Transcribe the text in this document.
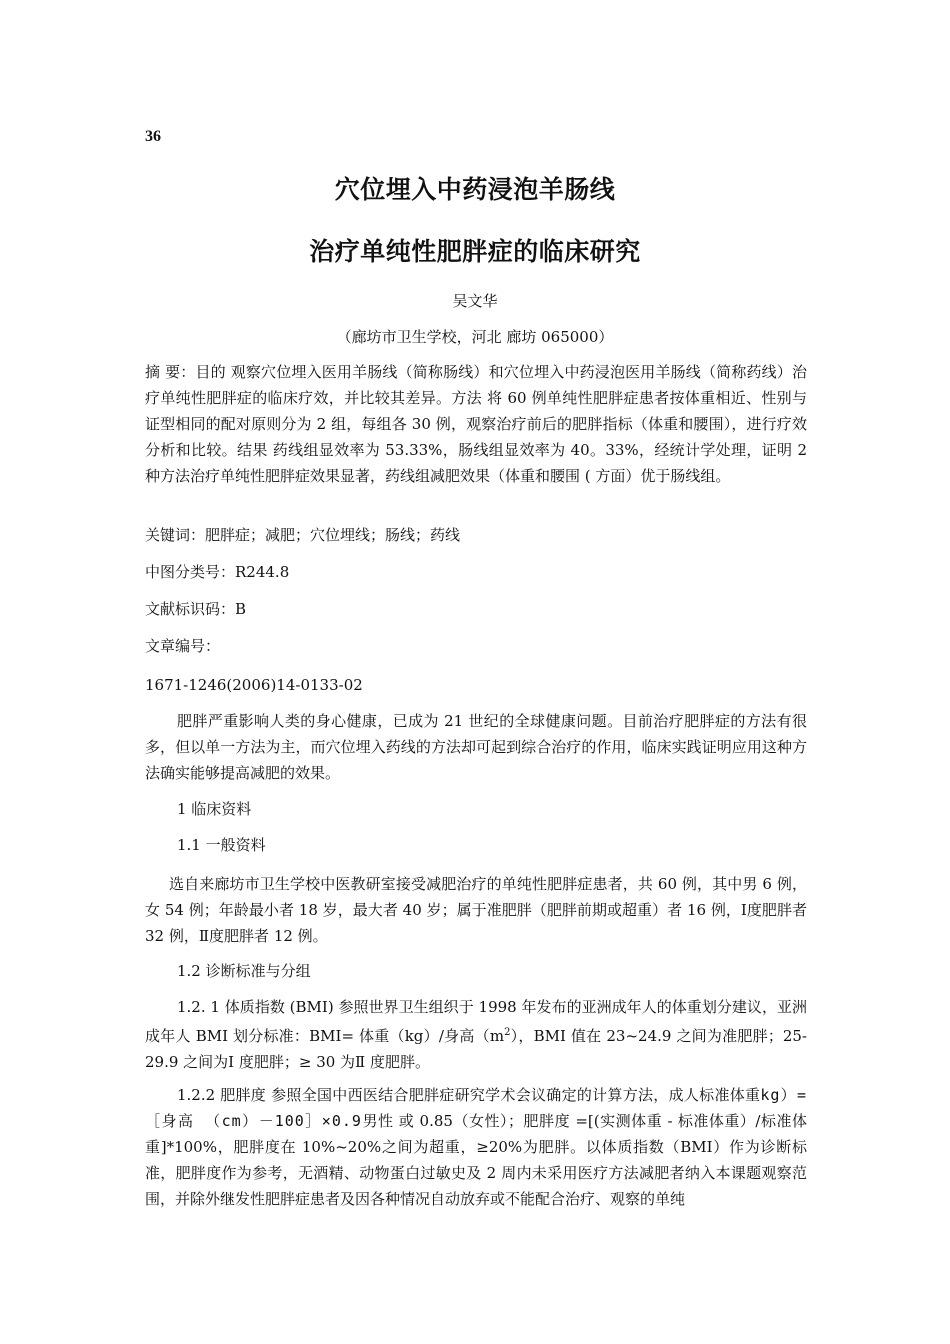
36
穴位埋入中药浸泡羊肠线
治疗单纯性肥胖症的临床研究
吴文华
（廊坊市卫生学校，河北 廊坊 065000）
摘 要：目的 观察穴位埋入医用羊肠线（简称肠线）和穴位埋入中药浸泡医用羊肠线（简称药线）治疗单纯性肥胖症的临床疗效，并比较其差异。方法 将 60 例单纯性肥胖症患者按体重相近、性别与证型相同的配对原则分为 2 组，每组各 30 例，观察治疗前后的肥胖指标（体重和腰围），进行疗效分析和比较。结果 药线组显效率为 53.33%，肠线组显效率为 40。33%，经统计学处理，证明 2 种方法治疗单纯性肥胖症效果显著，药线组减肥效果（体重和腰围 ( 方面）优于肠线组。
关键词：肥胖症；减肥；穴位埋线；肠线；药线
中图分类号：R244.8
文献标识码：B
文章编号：
1671-1246(2006)14-0133-02
肥胖严重影响人类的身心健康，已成为 21 世纪的全球健康问题。目前治疗肥胖症的方法有很多，但以单一方法为主，而穴位埋入药线的方法却可起到综合治疗的作用，临床实践证明应用这种方法确实能够提高减肥的效果。
1 临床资料
1.1 一般资料
选自来廊坊市卫生学校中医教研室接受减肥治疗的单纯性肥胖症患者，共 60 例，其中男 6 例，女 54 例；年龄最小者 18 岁，最大者 40 岁；属于准肥胖（肥胖前期或超重）者 16 例，Ⅰ度肥胖者 32 例，Ⅱ度肥胖者 12 例。
1.2 诊断标准与分组
1.2. 1 体质指数 (BMI) 参照世界卫生组织于 1998 年发布的亚洲成年人的体重划分建议，亚洲成年人 BMI 划分标准：BMI= 体重（kg）/身高$(m^2)$，BMI 值在 23~24.9 之间为准肥胖；25-29.9 之间为Ⅰ 度肥胖；≥ 30 为Ⅱ 度肥胖。
1.2.2 肥胖度 参照全国中西医结合肥胖症研究学术会议确定的计算方法，成人标准体重kg）=［身高 （cm）－100］×0.9男性 或 0.85（女性）；肥胖度 =[(实测体重 - 标准体重）/标准体重]*100%，肥胖度在 10%~20%之间为超重，≥20%为肥胖。以体质指数（BMI）作为诊断标准，肥胖度作为参考，无酒精、动物蛋白过敏史及 2 周内未采用医疗方法减肥者纳入本课题观察范围，并除外继发性肥胖症患者及因各种情况自动放弃或不能配合治疗、观察的单纯
